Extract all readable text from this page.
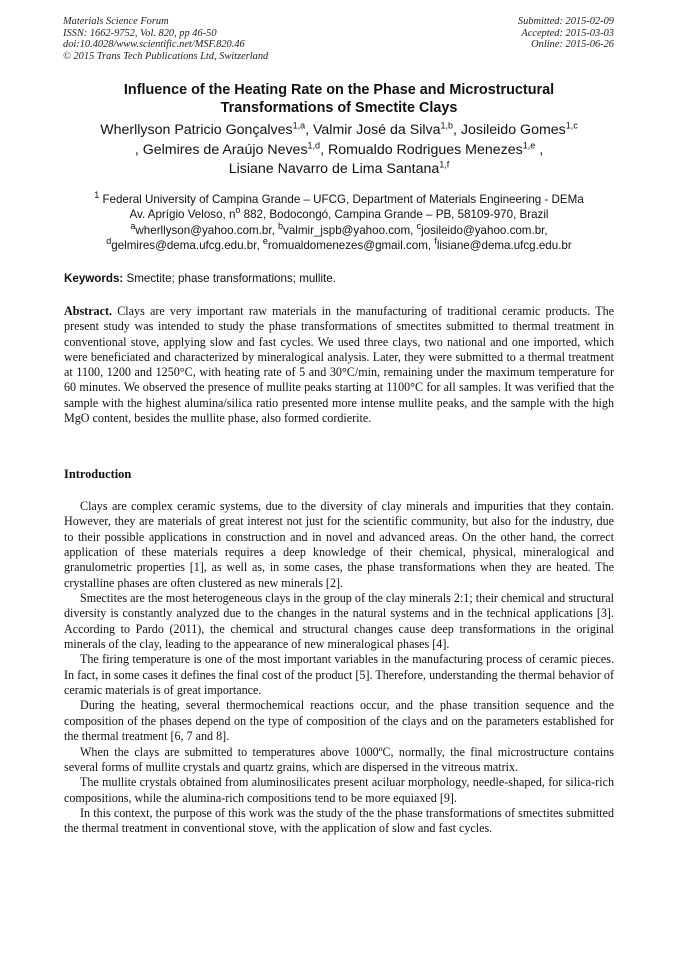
Materials Science Forum
ISSN: 1662-9752, Vol. 820, pp 46-50
doi:10.4028/www.scientific.net/MSF.820.46
© 2015 Trans Tech Publications Ltd, Switzerland
Submitted: 2015-02-09
Accepted: 2015-03-03
Online: 2015-06-26
Influence of the Heating Rate on the Phase and Microstructural
Transformations of Smectite Clays
Wherllyson Patricio Gonçalves$^{1,a}$, Valmir José da Silva$^{1,b}$, Josileido Gomes$^{1,c}$
, Gelmires de Araújo Neves$^{1,d}$, Romualdo Rodrigues Menezes$^{1,e}$ ,
Lisiane Navarro de Lima Santana$^{1,f}$
$^1$ Federal University of Campina Grande – UFCG, Department of Materials Engineering - DEMa
Av. Aprígio Veloso, $n^o$ 882, Bodocongó, Campina Grande – PB, 58109-970, Brazil
$^a$wherllyson@yahoo.com.br, $^b$valmir_jspb@yahoo.com, $^c$josileido@yahoo.com.br,
$^d$gelmires@dema.ufcg.edu.br, $^e$romualdomenezes@gmail.com, $^f$lisiane@dema.ufcg.edu.br
Keywords: Smectite; phase transformations; mullite.
Abstract. Clays are very important raw materials in the manufacturing of traditional ceramic products. The present study was intended to study the phase transformations of smectites submitted to thermal treatment in conventional stove, applying slow and fast cycles. We used three clays, two national and one imported, which were beneficiated and characterized by mineralogical analysis. Later, they were submitted to a thermal treatment at 1100, 1200 and 1250°C, with heating rate of 5 and 30°C/min, remaining under the maximum temperature for 60 minutes. We observed the presence of mullite peaks starting at 1100°C for all samples. It was verified that the sample with the highest alumina/silica ratio presented more intense mullite peaks, and the sample with the high MgO content, besides the mullite phase, also formed cordierite.
Introduction

Clays are complex ceramic systems, due to the diversity of clay minerals and impurities that they contain. However, they are materials of great interest not just for the scientific community, but also for the industry, due to their possible applications in construction and in novel and advanced areas. On the other hand, the correct application of these materials requires a deep knowledge of their chemical, physical, mineralogical and granulometric properties [1], as well as, in some cases, the phase transformations when they are heated. The crystalline phases are often clustered as new minerals [2].

Smectites are the most heterogeneous clays in the group of the clay minerals 2:1; their chemical and structural diversity is constantly analyzed due to the changes in the natural systems and in the technical applications [3]. According to Pardo (2011), the chemical and structural changes cause deep transformations in the original minerals of the clay, leading to the appearance of new mineralogical phases [4].

The firing temperature is one of the most important variables in the manufacturing process of ceramic pieces. In fact, in some cases it defines the final cost of the product [5]. Therefore, understanding the thermal behavior of ceramic materials is of great importance.

During the heating, several thermochemical reactions occur, and the phase transition sequence and the composition of the phases depend on the type of composition of the clays and on the parameters established for the thermal treatment [6, 7 and 8].

When the clays are submitted to temperatures above 1000ºC, normally, the final microstructure contains several forms of mullite crystals and quartz grains, which are dispersed in the vitreous matrix.

The mullite crystals obtained from aluminosilicates present aciluar morphology, needle-shaped, for silica-rich compositions, while the alumina-rich compositions tend to be more equiaxed [9].

In this context, the purpose of this work was the study of the the phase transformations of smectites submitted the thermal treatment in conventional stove, with the application of slow and fast cycles.
